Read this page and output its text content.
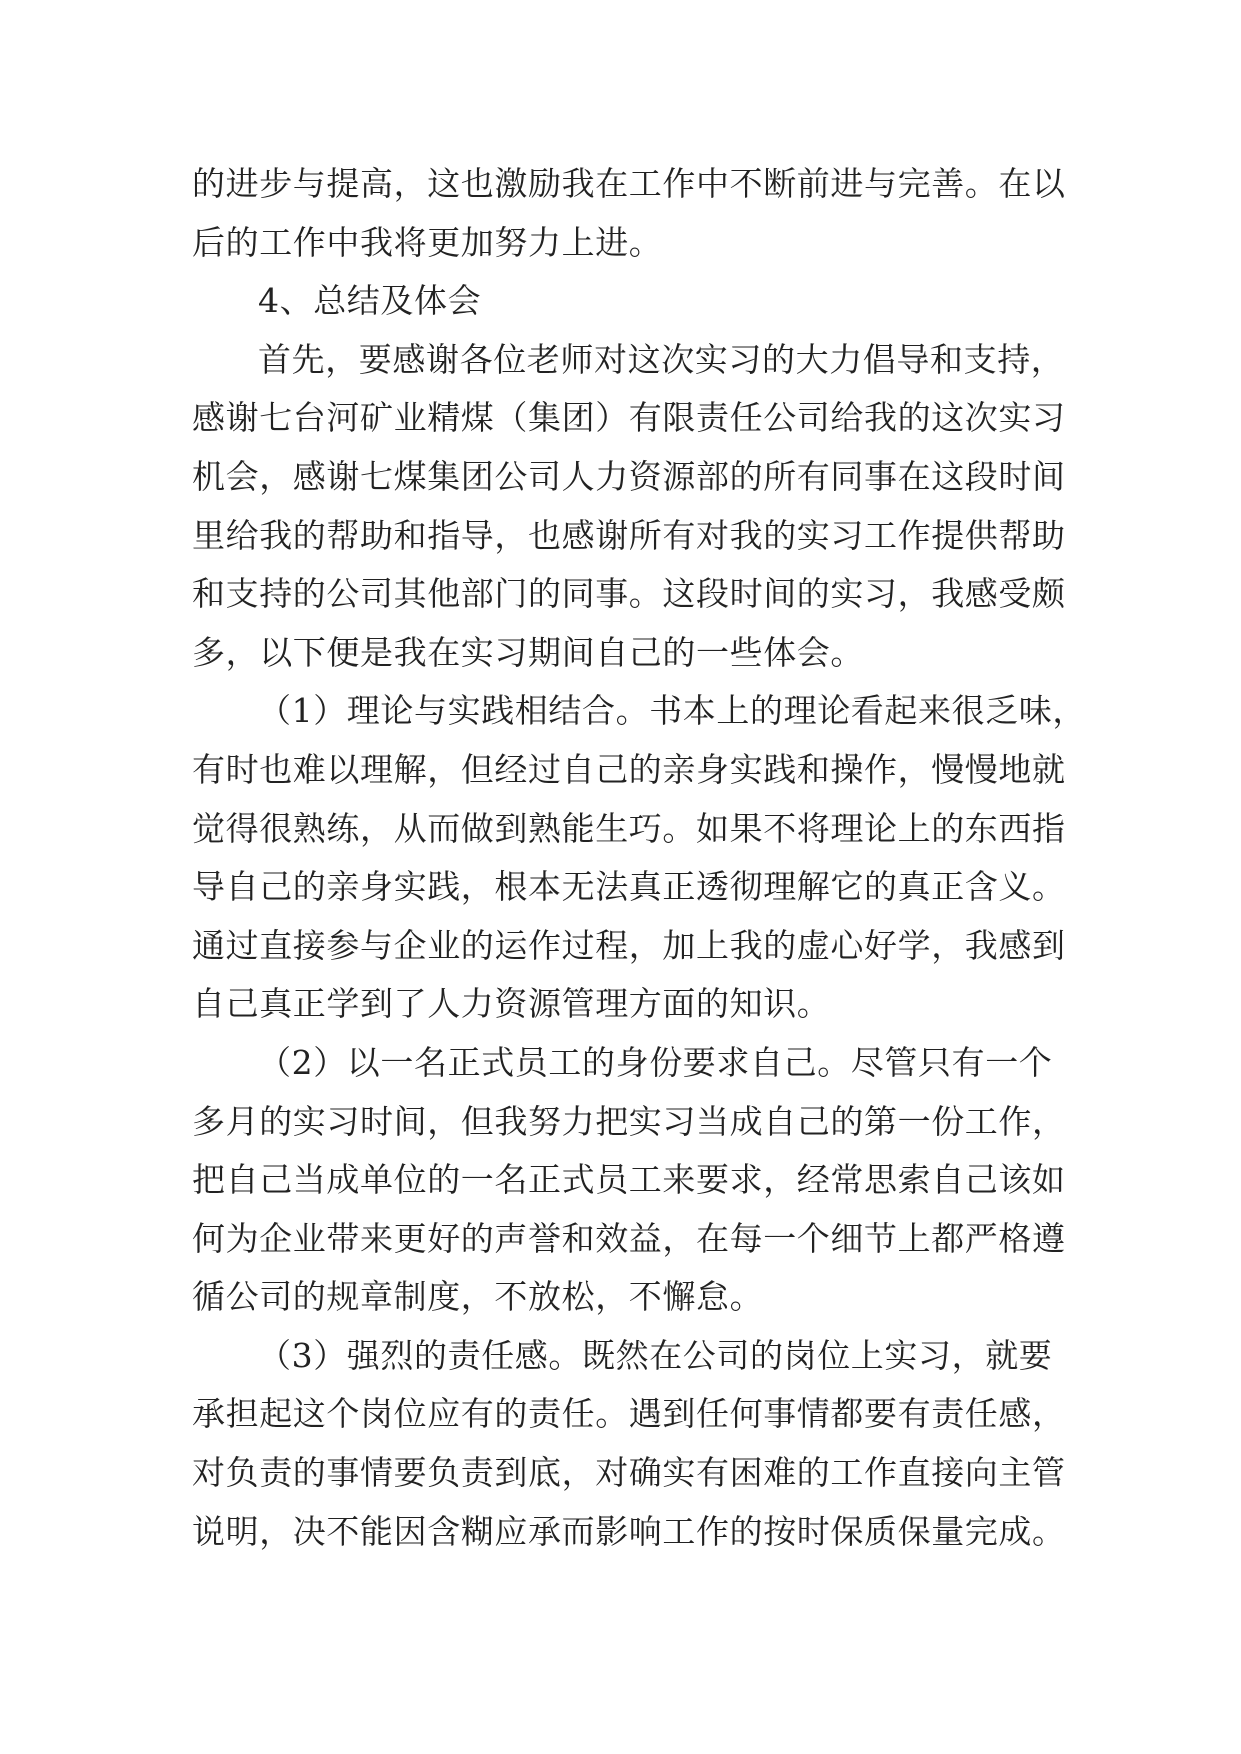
的进步与提高，这也激励我在工作中不断前进与完善。在以
后的工作中我将更加努力上进。
4、总结及体会
首先，要感谢各位老师对这次实习的大力倡导和支持，
感谢七台河矿业精煤（集团）有限责任公司给我的这次实习
机会，感谢七煤集团公司人力资源部的所有同事在这段时间
里给我的帮助和指导，也感谢所有对我的实习工作提供帮助
和支持的公司其他部门的同事。这段时间的实习，我感受颇
多，以下便是我在实习期间自己的一些体会。
（1）理论与实践相结合。书本上的理论看起来很乏味，
有时也难以理解，但经过自己的亲身实践和操作，慢慢地就
觉得很熟练，从而做到熟能生巧。如果不将理论上的东西指
导自己的亲身实践，根本无法真正透彻理解它的真正含义。
通过直接参与企业的运作过程，加上我的虚心好学，我感到
自己真正学到了人力资源管理方面的知识。
（2）以一名正式员工的身份要求自己。尽管只有一个
多月的实习时间，但我努力把实习当成自己的第一份工作，
把自己当成单位的一名正式员工来要求，经常思索自己该如
何为企业带来更好的声誉和效益，在每一个细节上都严格遵
循公司的规章制度，不放松，不懈怠。
（3）强烈的责任感。既然在公司的岗位上实习，就要
承担起这个岗位应有的责任。遇到任何事情都要有责任感，
对负责的事情要负责到底，对确实有困难的工作直接向主管
说明，决不能因含糊应承而影响工作的按时保质保量完成。
